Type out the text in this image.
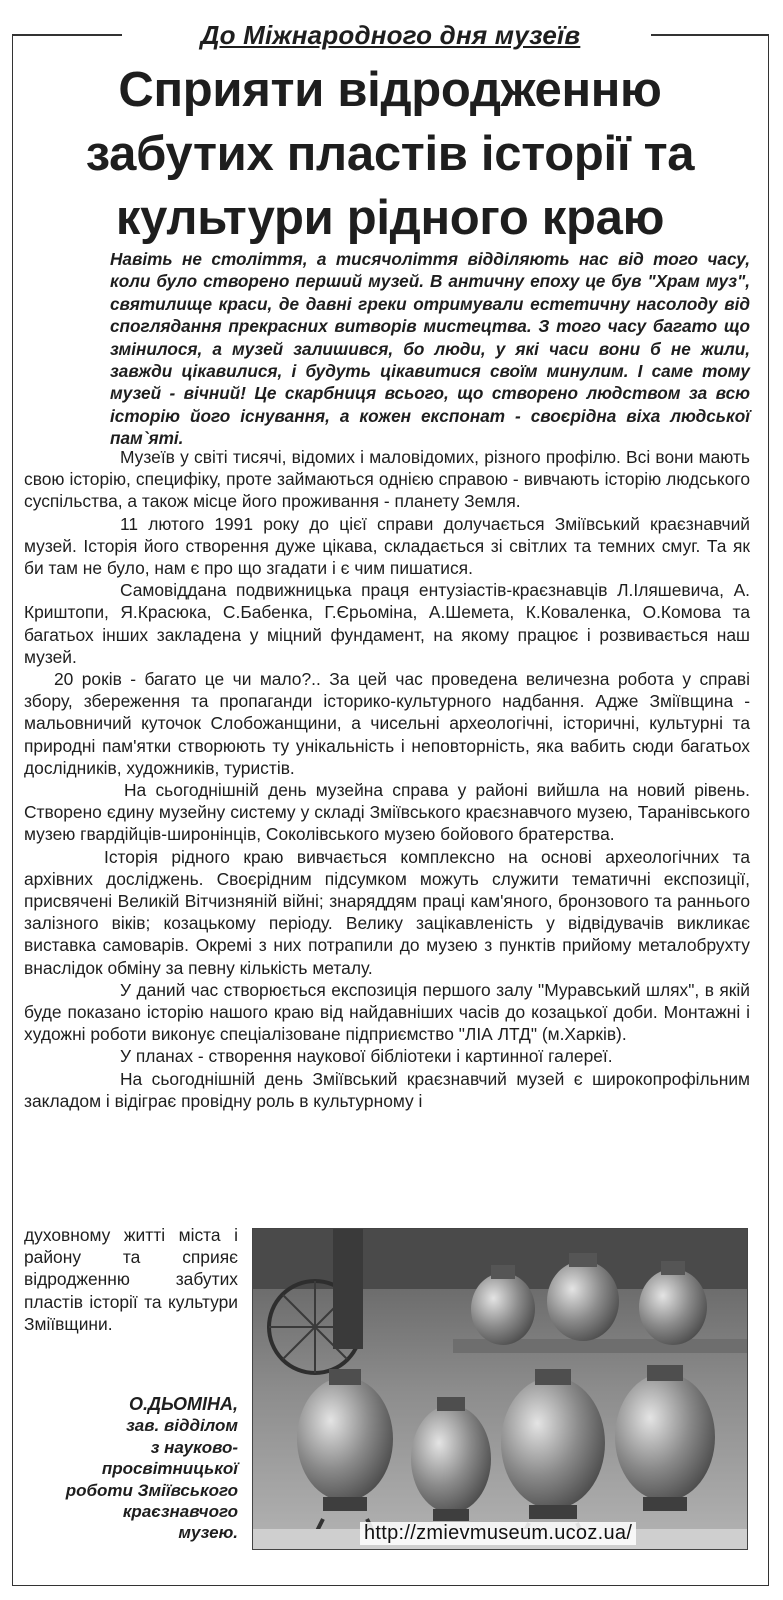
До Міжнародного дня музеїв
Сприяти відродженню
забутих пластів історії та
культури рідного краю

Навіть не століття, а тисячоліття відділяють нас від того часу, коли було створено перший музей. В античну епоху це був "Храм муз", святилище краси, де давні греки отримували естетичну насолоду від споглядання прекрасних витворів мистецтва. З того часу багато що змінилося, а музей залишився, бо люди, у які часи вони б не жили, завжди цікавилися, і будуть цікавитися своїм минулим. І саме тому музей - вічний! Це скарбниця всього, що створено людством за всю історію його існування, а кожен експонат - своєрідна віха людської пам`яті.

Музеїв у світі тисячі, відомих і маловідомих, різного профілю. Всі вони мають свою історію, специфіку, проте займаються однією справою - вивчають історію людського суспільства, а також місце його проживання - планету Земля.

11 лютого 1991 року до цієї справи долучається Зміївський краєзнавчий музей. Історія його створення дуже цікава, складається зі світлих та темних смуг. Та як би там не було, нам є про що згадати і є чим пишатися.

Самовіддана подвижницька праця ентузіастів-краєзнавців Л.Іляшевича, А. Криштопи, Я.Красюка, С.Бабенка, Г.Єрьоміна, А.Шемета, К.Коваленка, О.Комова та багатьох інших закладена у міцний фундамент, на якому працює і розвивається наш музей.

20 років - багато це чи мало?.. За цей час проведена величезна робота у справі збору, збереження та пропаганди історико-культурного надбання. Адже Зміївщина - мальовничий куточок Слобожанщини, а чисельні археологічні, історичні, культурні та природні пам'ятки створюють ту унікальність і неповторність, яка вабить сюди багатьох дослідників, художників, туристів.

На сьогоднішній день музейна справа у районі вийшла на новий рівень. Створено єдину музейну систему у складі Зміївського краєзнавчого музею, Таранівського музею гвардійців-широнінців, Соколівського музею бойового братерства.

Історія рідного краю вивчається комплексно на основі археологічних та архівних досліджень. Своєрідним підсумком можуть служити тематичні експозиції, присвячені Великій Вітчизняній війні; знаряддям праці кам'яного, бронзового та раннього залізного віків; козацькому періоду. Велику зацікавленість у відвідувачів викликає виставка самоварів. Окремі з них потрапили до музею з пунктів прийому металобрухту внаслідок обміну за певну кількість металу.

У даний час створюється експозиція першого залу "Муравський шлях", в якій буде показано історію нашого краю від найдавніших часів до козацької доби. Монтажні і художні роботи виконує спеціалізоване підприємство "ЛІА ЛТД" (м.Харків).

У планах - створення наукової бібліотеки і картинної галереї.

На сьогоднішній день Зміївський краєзнавчий музей є широкопрофільним закладом і відіграє провідну роль в культурному і

духовному житті міста і району та сприяє відродженню забутих пластів історії та культури Зміївщини.

О.ДЬОМІНА,
зав. відділом
з науково-
просвітницької
роботи Зміївського
краєзнавчого
музею.	http://zmievmuseum.ucoz.ua/
